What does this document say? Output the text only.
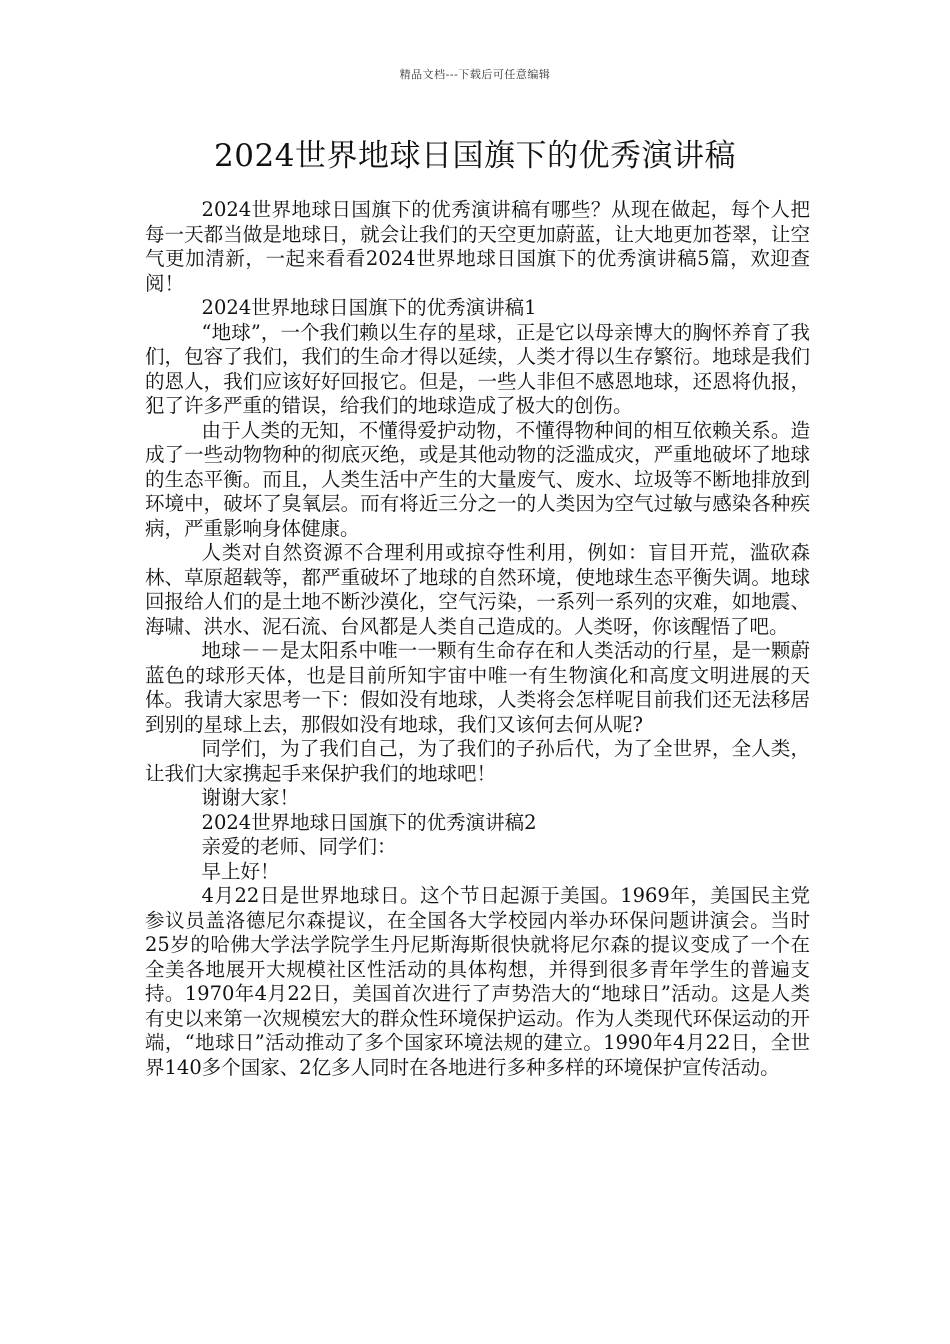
精品文档---下载后可任意编辑
2024世界地球日国旗下的优秀演讲稿

2024世界地球日国旗下的优秀演讲稿有哪些？从现在做起，每个人把每一天都当做是地球日，就会让我们的天空更加蔚蓝，让大地更加苍翠，让空气更加清新，一起来看看2024世界地球日国旗下的优秀演讲稿5篇，欢迎查阅！

2024世界地球日国旗下的优秀演讲稿1

“地球”，一个我们赖以生存的星球，正是它以母亲博大的胸怀养育了我们，包容了我们，我们的生命才得以延续，人类才得以生存繁衍。地球是我们的恩人，我们应该好好回报它。但是，一些人非但不感恩地球，还恩将仇报，犯了许多严重的错误，给我们的地球造成了极大的创伤。

由于人类的无知，不懂得爱护动物，不懂得物种间的相互依赖关系。造成了一些动物物种的彻底灭绝，或是其他动物的泛滥成灾，严重地破坏了地球的生态平衡。而且，人类生活中产生的大量废气、废水、垃圾等不断地排放到环境中，破坏了臭氧层。而有将近三分之一的人类因为空气过敏与感染各种疾病，严重影响身体健康。

人类对自然资源不合理利用或掠夺性利用，例如：盲目开荒，滥砍森林、草原超载等，都严重破坏了地球的自然环境，使地球生态平衡失调。地球回报给人们的是土地不断沙漠化，空气污染，一系列一系列的灾难，如地震、海啸、洪水、泥石流、台风都是人类自己造成的。人类呀，你该醒悟了吧。

地球－－是太阳系中唯一一颗有生命存在和人类活动的行星，是一颗蔚蓝色的球形天体，也是目前所知宇宙中唯一有生物演化和高度文明进展的天体。我请大家思考一下：假如没有地球，人类将会怎样呢目前我们还无法移居到别的星球上去，那假如没有地球，我们又该何去何从呢?

同学们，为了我们自己，为了我们的子孙后代，为了全世界，全人类，让我们大家携起手来保护我们的地球吧！

谢谢大家！

2024世界地球日国旗下的优秀演讲稿2

亲爱的老师、同学们：

早上好！

4月22日是世界地球日。这个节日起源于美国。1969年，美国民主党参议员盖洛德尼尔森提议，在全国各大学校园内举办环保问题讲演会。当时25岁的哈佛大学法学院学生丹尼斯海斯很快就将尼尔森的提议变成了一个在全美各地展开大规模社区性活动的具体构想，并得到很多青年学生的普遍支持。1970年4月22日，美国首次进行了声势浩大的“地球日”活动。这是人类有史以来第一次规模宏大的群众性环境保护运动。作为人类现代环保运动的开端，“地球日”活动推动了多个国家环境法规的建立。1990年4月22日，全世界140多个国家、2亿多人同时在各地进行多种多样的环境保护宣传活动。
